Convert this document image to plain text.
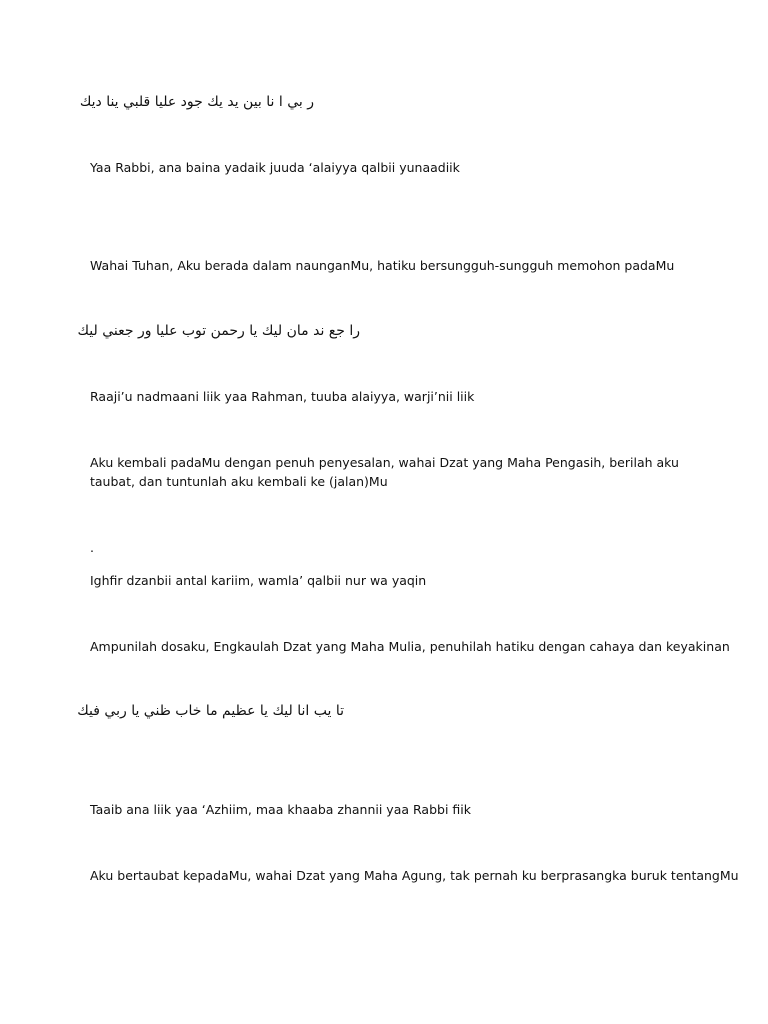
ر بي ا نا بين يد يك جود عليا قلبي ينا ديك

Yaa Rabbi, ana baina yadaik juuda ‘alaiyya qalbii yunaadiik

Wahai Tuhan, Aku berada dalam naunganMu, hatiku bersungguh-sungguh memohon padaMu

را جع ند مان ليك يا رحمن توب عليا ور جعني ليك

Raaji’u nadmaani liik yaa Rahman, tuuba alaiyya, warji’nii liik

Aku kembali padaMu dengan penuh penyesalan, wahai Dzat yang Maha Pengasih, berilah aku taubat, dan tuntunlah aku kembali ke (jalan)Mu

.

Ighfir dzanbii antal kariim, wamla’ qalbii nur wa yaqin

Ampunilah dosaku, Engkaulah Dzat yang Maha Mulia, penuhilah hatiku dengan cahaya dan keyakinan

تا يب انا ليك يا عظيم ما خاب ظني يا ربي فيك

Taaib ana liik yaa ‘Azhiim, maa khaaba zhannii yaa Rabbi fiik

Aku bertaubat kepadaMu, wahai Dzat yang Maha Agung, tak pernah ku berprasangka buruk tentangMu
